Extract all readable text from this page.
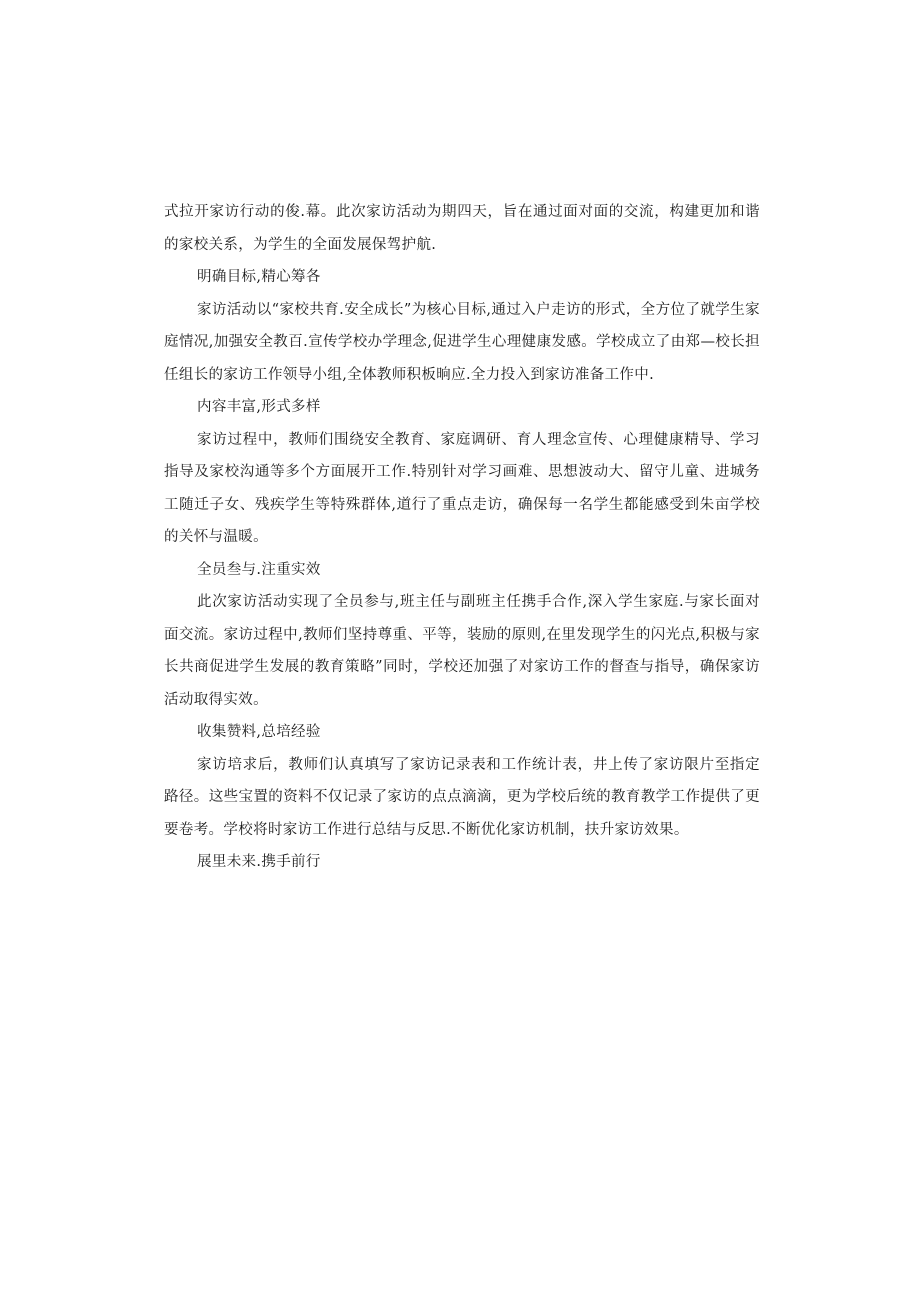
式拉开家访行动的俊.幕。此次家访活动为期四天，旨在通过面对面的交流，构建更加和谐的家校关系，为学生的全面发展保驾护航.

明确目标,精心筹各

家访活动以“家校共育.安全成长”为核心目标,通过入户走访的形式，全方位了就学生家庭情况,加强安全教百.宣传学校办学理念,促进学生心理健康发感。学校成立了由郑—校长担任组长的家访工作领导小组,全体教师积板晌应.全力投入到家访准备工作中.

内容丰富,形式多样

家访过程中，教师们围绕安全教育、家庭调研、育人理念宣传、心理健康精导、学习指导及家校沟通等多个方面展开工作.特别针对学习画难、思想波动大、留守儿童、进城务工随迁子女、残疾学生等特殊群体,道行了重点走访，确保每一名学生都能感受到朱亩学校的关怀与温暖。

全员叁与.注重实效

此次家访活动实现了全员参与,班主任与副班主任携手合作,深入学生家庭.与家长面对面交流。家访过程中,教师们坚持尊重、平等，装励的原则,在里发现学生的闪光点,积极与家长共商促进学生发展的教育策略”同时，学校还加强了对家访工作的督查与指导，确保家访活动取得实效。

收集赞料,总培经验

家访培求后，教师们认真填写了家访记录表和工作统计表，井上传了家访限片至指定路径。这些宝置的资料不仅记录了家访的点点滴滴，更为学校后统的教育教学工作提供了更要卷考。学校将时家访工作进行总结与反思.不断优化家访机制，扶升家访效果。

展里未来.携手前行
